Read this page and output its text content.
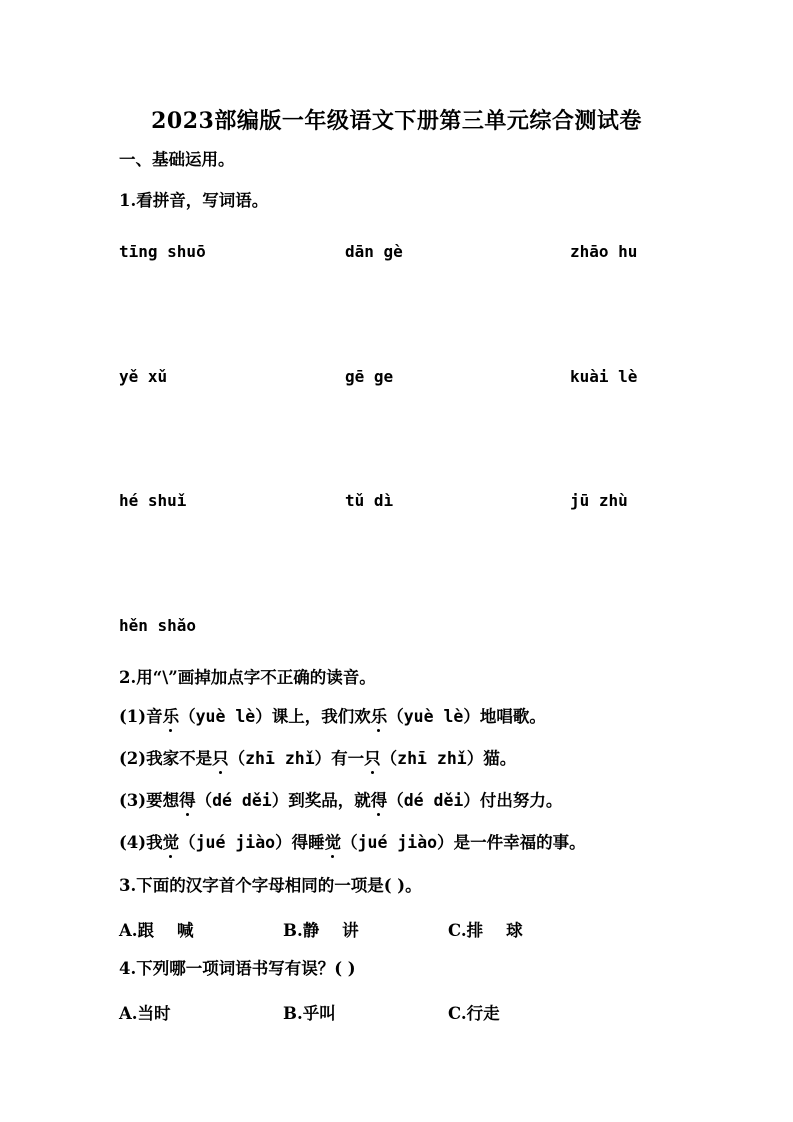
2023部编版一年级语文下册第三单元综合测试卷
一、基础运用。
1.看拼音，写词语。
tīng shuō	dān gè	zhāo hu
yě xǔ	gē ge	kuài lè
hé shuǐ	tǔ dì	jū zhù
hěn shǎo
2.用“\”画掉加点字不正确的读音。
(1)音乐（yuè lè）课上，我们欢乐（yuè lè）地唱歌。
(2)我家不是只（zhī zhǐ）有一只（zhī zhǐ）猫。
(3)要想得（dé děi）到奖品，就得（dé děi）付出努力。
(4)我觉（jué jiào）得睡觉（jué jiào）是一件幸福的事。
3.下面的汉字首个字母相同的一项是( )。
A.跟    喊	B.静    讲	C.排    球
4.下列哪一项词语书写有误？( )
A.当时	B.乎叫	C.行走
